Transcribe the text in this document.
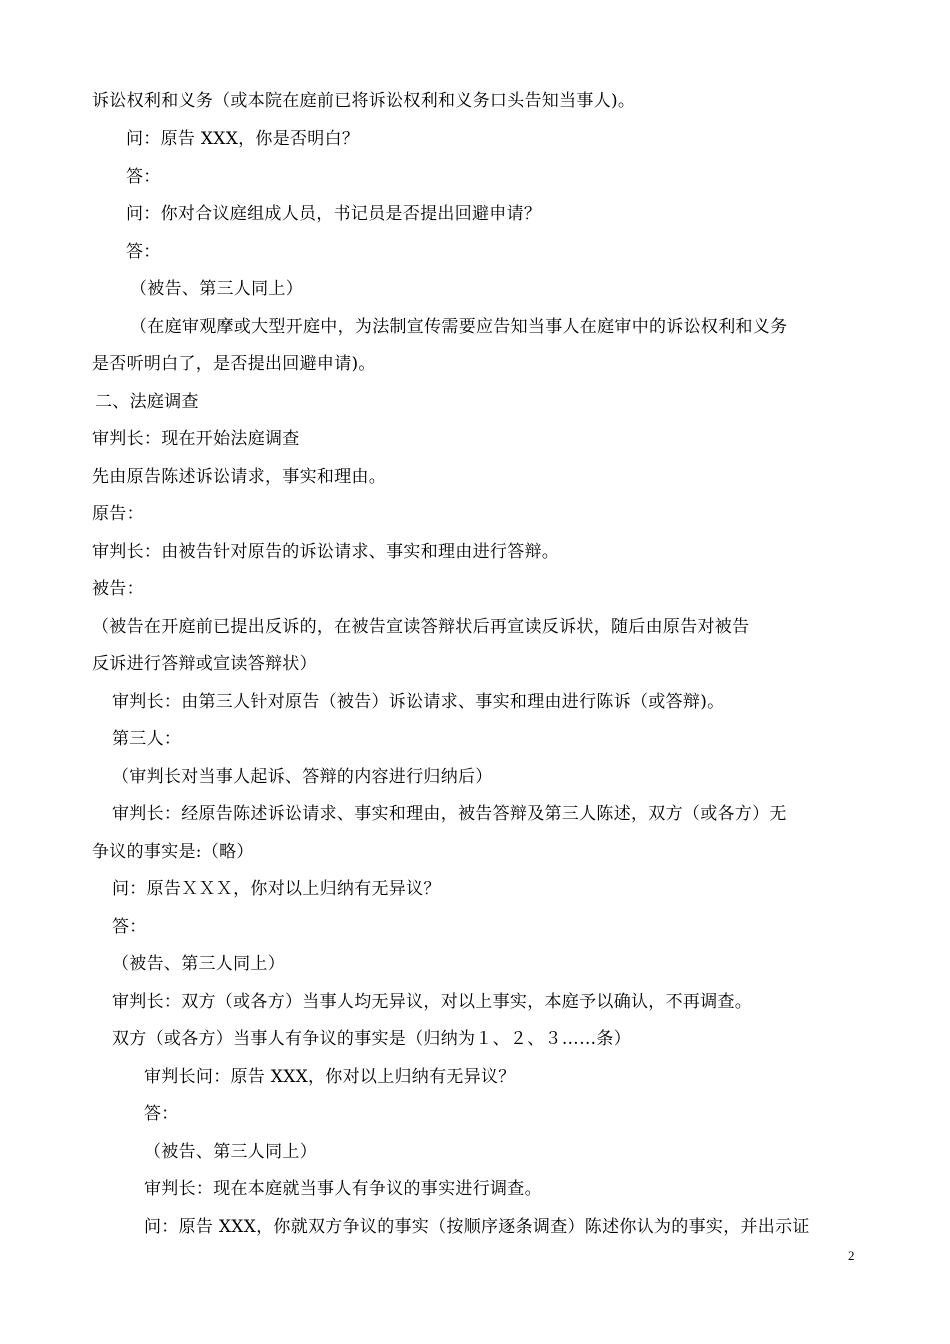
诉讼权利和义务（或本院在庭前已将诉讼权利和义务口头告知当事人)。
问：原告 XXX，你是否明白？
答：
问：你对合议庭组成人员，书记员是否提出回避申请？
答：
（被告、第三人同上）
（在庭审观摩或大型开庭中，为法制宣传需要应告知当事人在庭审中的诉讼权利和义务
是否听明白了，是否提出回避申请)。
二、法庭调查
审判长：现在开始法庭调查
先由原告陈述诉讼请求，事实和理由。
原告：
审判长：由被告针对原告的诉讼请求、事实和理由进行答辩。
被告：
（被告在开庭前已提出反诉的，在被告宣读答辩状后再宣读反诉状，随后由原告对被告
反诉进行答辩或宣读答辩状）
审判长：由第三人针对原告（被告）诉讼请求、事实和理由进行陈诉（或答辩)。
第三人：
（审判长对当事人起诉、答辩的内容进行归纳后）
审判长：经原告陈述诉讼请求、事实和理由，被告答辩及第三人陈述，双方（或各方）无
争议的事实是:（略）
问：原告ＸＸＸ，你对以上归纳有无异议？
答：
（被告、第三人同上）
审判长：双方（或各方）当事人均无异议，对以上事实，本庭予以确认，不再调查。
双方（或各方）当事人有争议的事实是（归纳为１、２、３……条）
审判长问：原告 XXX，你对以上归纳有无异议？
答：
（被告、第三人同上）
审判长：现在本庭就当事人有争议的事实进行调查。
问：原告 XXX，你就双方争议的事实（按顺序逐条调查）陈述你认为的事实，并出示证
2
